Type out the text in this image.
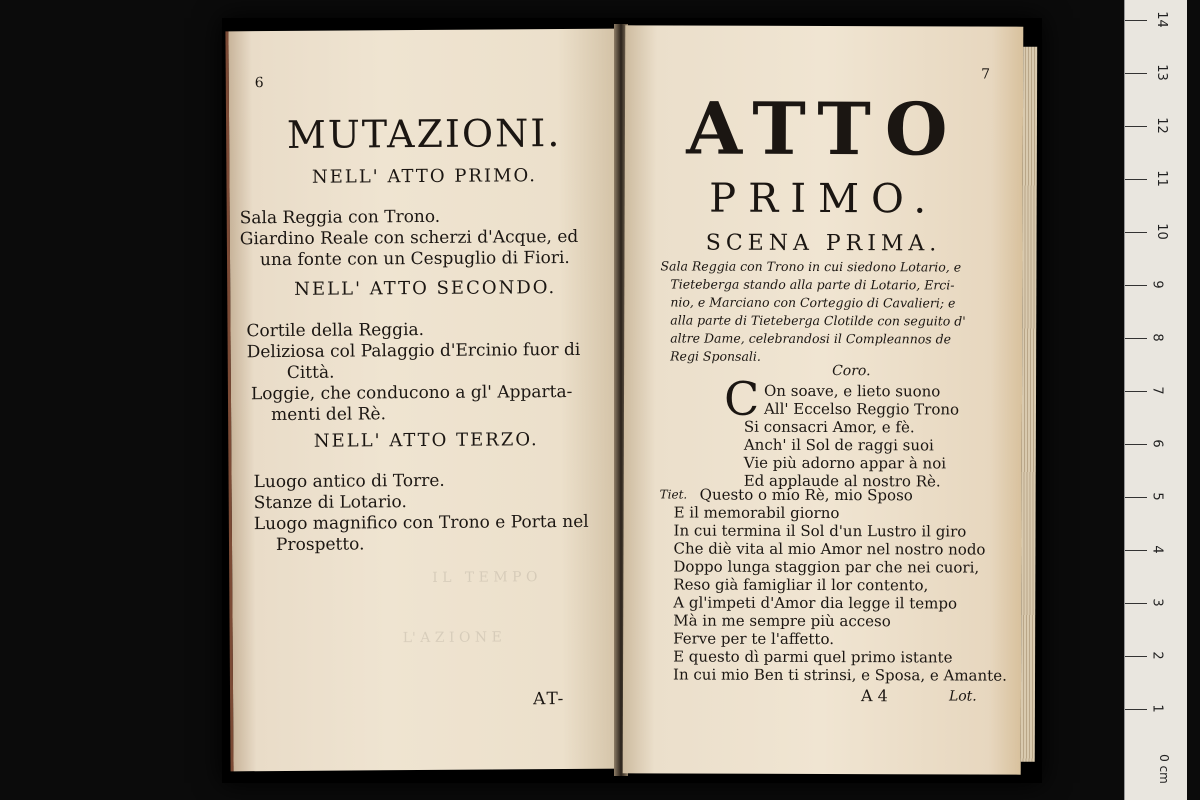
I L   T E M P O
L' A Z I O N E
6
MUTAZIONI.
NELL' ATTO PRIMO.
Sala Reggia con Trono.
Giardino Reale con scherzi d'Acque, ed
una fonte con un Cespuglio di Fiori.
NELL' ATTO SECONDO.
Cortile della Reggia.
Deliziosa col Palaggio d'Ercinio fuor di
Città.
Loggie, che conducono a gl' Apparta-
menti del Rè.
NELL' ATTO TERZO.
Luogo antico di Torre.
Stanze di Lotario.
Luogo magnifico con Trono e Porta nel
Prospetto.
AT-
7
ATTO
PRIMO.
SCENA PRIMA.
Sala Reggia con Trono in cui siedono Lotario, e
Tieteberga stando alla parte di Lotario, Erci-
nio, e Marciano con Corteggio di Cavalieri; e
alla parte di Tieteberga Clotilde con seguito d'
altre Dame, celebrandosi il Compleannos de
Regi Sponsali.
Coro.
C On soave, e lieto suono
All' Eccelso Reggio Trono
Si consacri Amor, e fè.
Anch' il Sol de raggi suoi
Vie più adorno appar à noi
Ed applaude al nostro Rè.
Tiet. Questo o mio Rè, mio Sposo
E il memorabil giorno
In cui termina il Sol d'un Lustro il giro
Che diè vita al mio Amor nel nostro nodo
Doppo lunga staggion par che nei cuori,
Reso già famigliar il lor contento,
A gl'impeti d'Amor dia legge il tempo
Mà in me sempre più acceso
Ferve per te l'affetto.
E questo dì parmi quel primo istante
In cui mio Ben ti strinsi, e Sposa, e Amante.
A 4	Lot.
14
13
12
11
10
9
8
7
6
5
4
3
2
1
0 cm
